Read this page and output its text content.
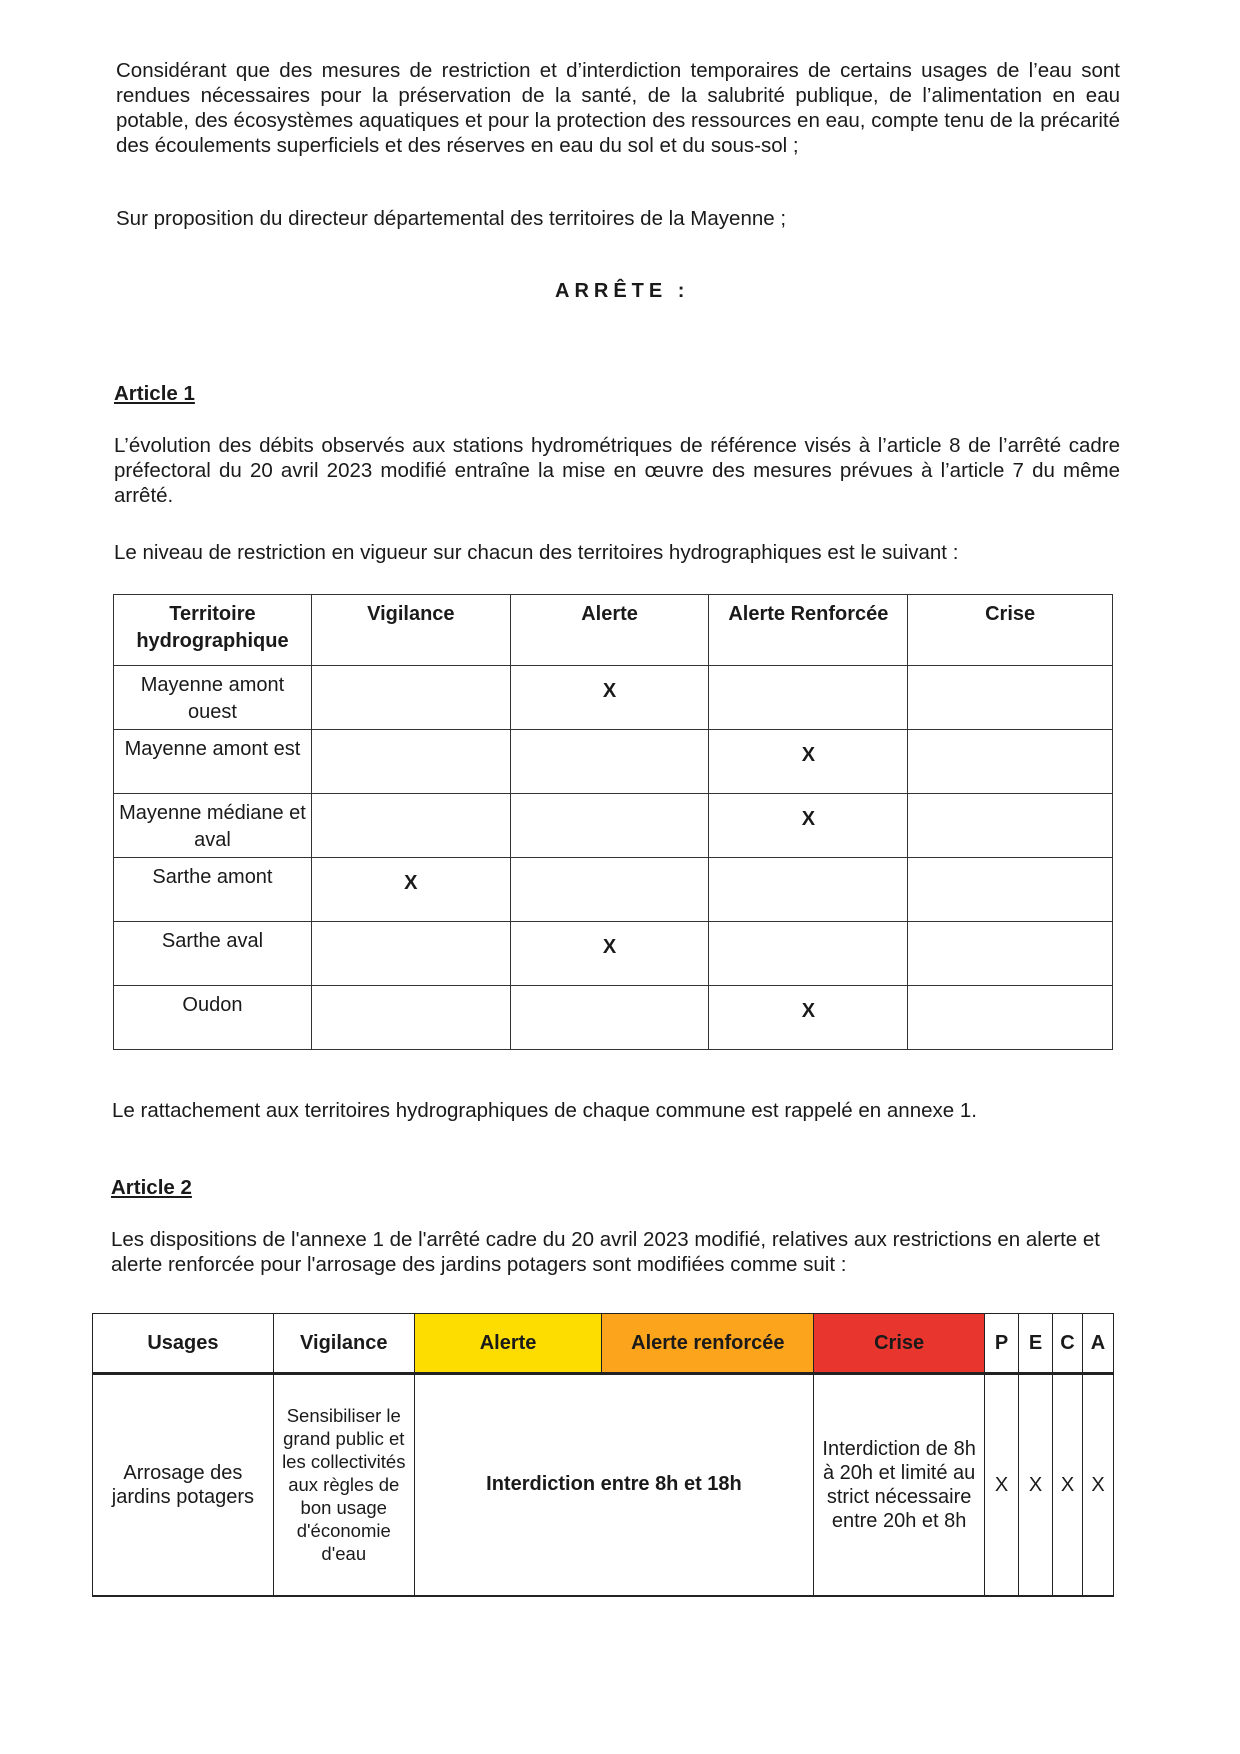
Considérant que des mesures de restriction et d’interdiction temporaires de certains usages de l’eau sont rendues nécessaires pour la préservation de la santé, de la salubrité publique, de l’alimentation en eau potable, des écosystèmes aquatiques et pour la protection des ressources en eau, compte tenu de la précarité des écoulements superficiels et des réserves en eau du sol et du sous-sol ;

Sur proposition du directeur départemental des territoires de la Mayenne ;

ARRÊTE :

Article 1

L’évolution des débits observés aux stations hydrométriques de référence visés à l’article 8 de l’arrêté cadre préfectoral du 20 avril 2023 modifié entraîne la mise en œuvre des mesures prévues à l’article 7 du même arrêté.

Le niveau de restriction en vigueur sur chacun des territoires hydrographiques est le suivant :

Territoire hydrographique	Vigilance	Alerte	Alerte Renforcée	Crise
Mayenne amont ouest		X		
Mayenne amont est			X	
Mayenne médiane et aval			X	
Sarthe amont	X			
Sarthe aval		X		
Oudon			X	

Le rattachement aux territoires hydrographiques de chaque commune est rappelé en annexe 1.

Article 2

Les dispositions de l'annexe 1 de l'arrêté cadre du 20 avril 2023 modifié, relatives aux restrictions en alerte et alerte renforcée pour l'arrosage des jardins potagers sont modifiées comme suit :

Usages	Vigilance	Alerte	Alerte renforcée	Crise	P	E	C	A
Arrosage des jardins potagers	Sensibiliser le grand public et les collectivités aux règles de bon usage d'économie d'eau	Interdiction entre 8h et 18h		Interdiction de 8h à 20h et limité au strict nécessaire entre 20h et 8h	X	X	X	X
